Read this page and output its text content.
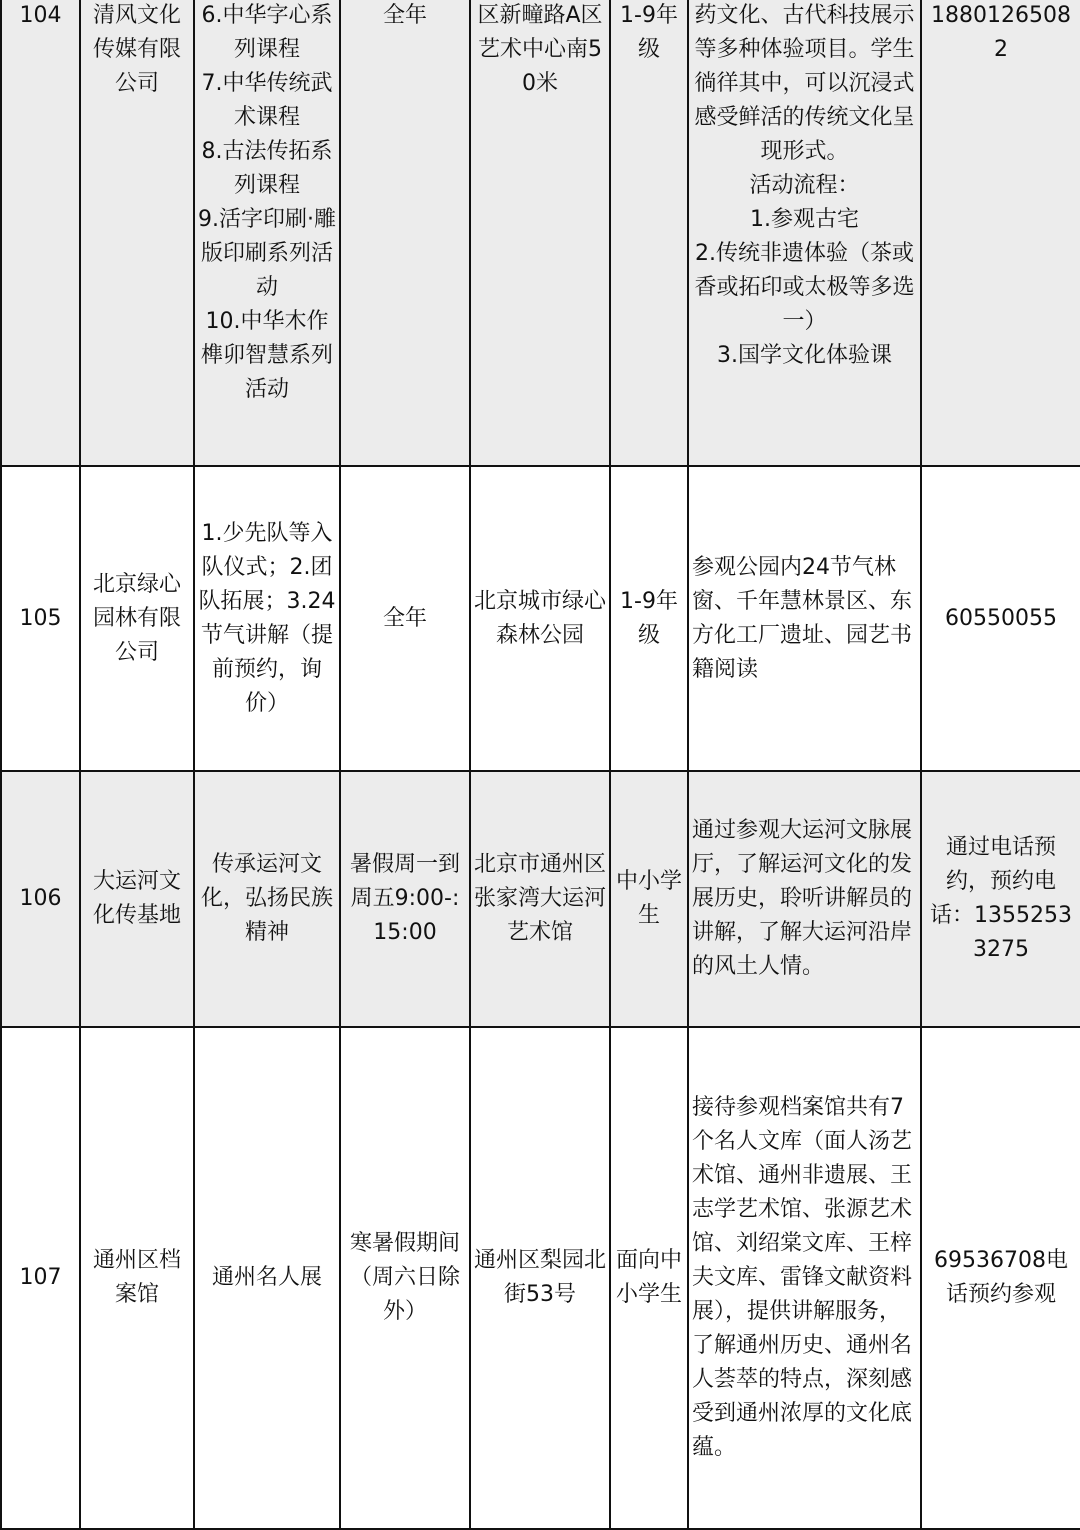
104	清风文化传媒有限公司	6.中华字心系列课程
7.中华传统武术课程
8.古法传拓系列课程
9.活字印刷·雕版印刷系列活动
10.中华木作榫卯智慧系列活动	全年	区新疃路A区艺术中心南50米	1-9年级	药文化、古代科技展示等多种体验项目。学生徜徉其中，可以沉浸式感受鲜活的传统文化呈现形式。
活动流程：
1.参观古宅
2.传统非遗体验（茶或香或拓印或太极等多选一）
3.国学文化体验课	18801265082
105	北京绿心园林有限公司	1.少先队等入队仪式；2.团队拓展；3.24节气讲解（提前预约，询价）	全年	北京城市绿心森林公园	1-9年级	参观公园内24节气林窗、千年慧林景区、东方化工厂遗址、园艺书籍阅读	60550055
106	大运河文化传基地	传承运河文化，弘扬民族精神	暑假周一到周五9:00-:15:00	北京市通州区张家湾大运河艺术馆	中小学生	通过参观大运河文脉展厅，了解运河文化的发展历史，聆听讲解员的讲解，了解大运河沿岸的风土人情。	通过电话预约，预约电话：13552533275
107	通州区档案馆	通州名人展	寒暑假期间（周六日除外）	通州区梨园北街53号	面向中小学生	接待参观档案馆共有7个名人文库（面人汤艺术馆、通州非遗展、王志学艺术馆、张源艺术馆、刘绍棠文库、王梓夫文库、雷锋文献资料展），提供讲解服务，了解通州历史、通州名人荟萃的特点，深刻感受到通州浓厚的文化底蕴。	69536708电话预约参观
